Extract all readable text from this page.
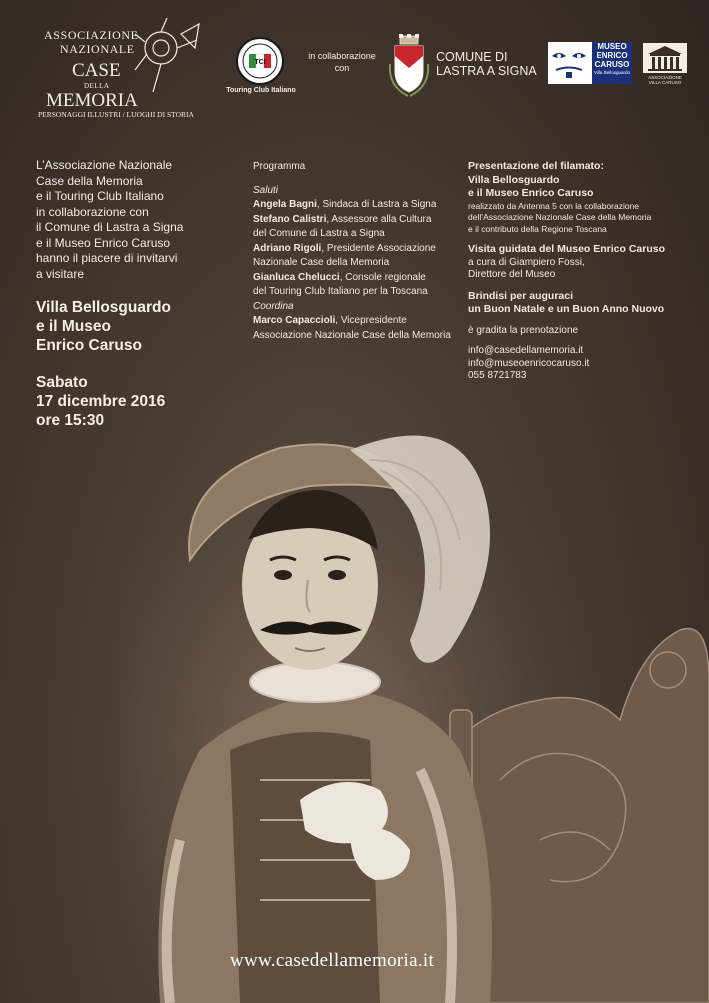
ASSOCIAZIONE
NAZIONALE
CASE
DELLA
MEMORIA
PERSONAGGI ILLUSTRI / LUOGHI DI STORIA
TCI
Touring Club Italiano
in collaborazione
con
COMUNE DI
LASTRA A SIGNA
MUSEO
ENRICO
CARUSO
Villa Bellosguardo
ASSOCIAZIONE
VILLA CARUSO
L’Associazione Nazionale
Case della Memoria
e il Touring Club Italiano
in collaborazione con
il Comune di Lastra a Signa
e il Museo Enrico Caruso
hanno il piacere di invitarvi
a visitare
Villa Bellosguardo
e il Museo
Enrico Caruso
Sabato
17 dicembre 2016
ore 15:30
Programma
Saluti
Angela Bagni, Sindaca di Lastra a Signa
Stefano Calistri, Assessore alla Cultura
del Comune di Lastra a Signa
Adriano Rigoli, Presidente Associazione
Nazionale Case della Memoria
Gianluca Chelucci, Console regionale
del Touring Club Italiano per la Toscana
Coordina
Marco Capaccioli, Vicepresidente
Associazione Nazionale Case della Memoria
Presentazione del filamato:
Villa Bellosguardo
e il Museo Enrico Caruso
realizzato da Antenna 5 con la collaborazione
dell’Associazione Nazionale Case della Memoria
e il contributo della Regione Toscana
Visita guidata del Museo Enrico Caruso
a cura di Giampiero Fossi,
Direttore del Museo
Brindisi per auguraci
un Buon Natale e un Buon Anno Nuovo
è gradita la prenotazione
info@casedellamemoria.it
info@museoenricocaruso.it
055 8721783
www.casedellamemoria.it
